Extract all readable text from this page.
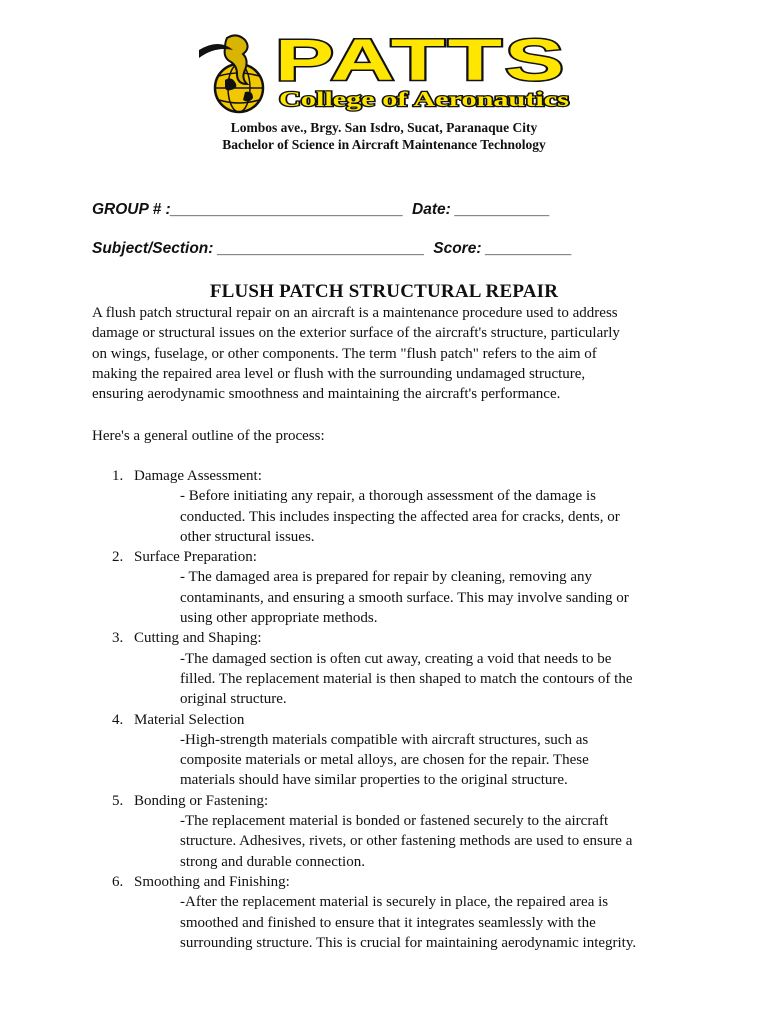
PATTS
College of Aeronautics
Lombos ave., Brgy. San Isdro, Sucat, Paranaque City
Bachelor of Science in Aircraft Maintenance Technology
GROUP # :___________________________  Date: ___________
Subject/Section: ________________________  Score: __________
FLUSH PATCH STRUCTURAL REPAIR

A flush patch structural repair on an aircraft is a maintenance procedure used to address

damage or structural issues on the exterior surface of the aircraft's structure, particularly

on wings, fuselage, or other components. The term "flush patch" refers to the aim of

making the repaired area level or flush with the surrounding undamaged structure,

ensuring aerodynamic smoothness and maintaining the aircraft's performance.

Here's a general outline of the process:

1. Damage Assessment:
- Before initiating any repair, a thorough assessment of the damage is
conducted. This includes inspecting the affected area for cracks, dents, or
other structural issues.
2. Surface Preparation:
- The damaged area is prepared for repair by cleaning, removing any
contaminants, and ensuring a smooth surface. This may involve sanding or
using other appropriate methods.
3. Cutting and Shaping:
-The damaged section is often cut away, creating a void that needs to be
filled. The replacement material is then shaped to match the contours of the
original structure.
4. Material Selection
-High-strength materials compatible with aircraft structures, such as
composite materials or metal alloys, are chosen for the repair. These
materials should have similar properties to the original structure.
5. Bonding or Fastening:
-The replacement material is bonded or fastened securely to the aircraft
structure. Adhesives, rivets, or other fastening methods are used to ensure a
strong and durable connection.
6. Smoothing and Finishing:
-After the replacement material is securely in place, the repaired area is
smoothed and finished to ensure that it integrates seamlessly with the
surrounding structure. This is crucial for maintaining aerodynamic integrity.
